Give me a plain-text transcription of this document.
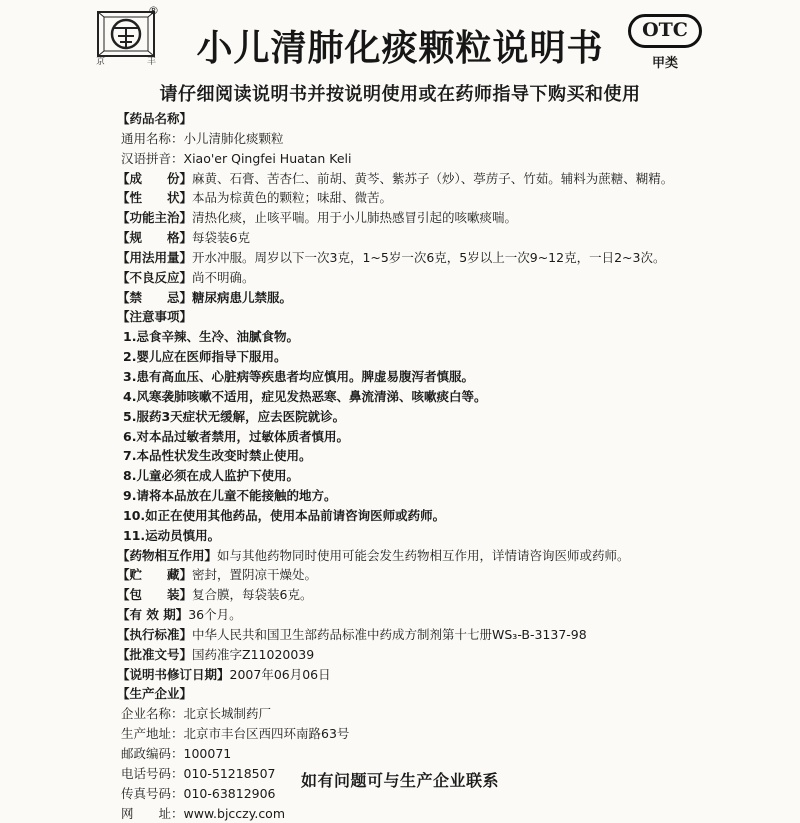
京	丰
®
小儿清肺化痰颗粒说明书	OTC
甲类
请仔细阅读说明书并按说明使用或在药师指导下购买和使用
【药品名称】
通用名称：小儿清肺化痰颗粒
汉语拼音：Xiao'er Qingfei Huatan Keli
【成　　份】麻黄、石膏、苦杏仁、前胡、黄芩、紫苏子（炒）、葶苈子、竹茹。辅料为蔗糖、糊精。
【性　　状】本品为棕黄色的颗粒；味甜、微苦。
【功能主治】清热化痰，止咳平喘。用于小儿肺热感冒引起的咳嗽痰喘。
【规　　格】每袋装6克
【用法用量】开水冲服。周岁以下一次3克，1~5岁一次6克，5岁以上一次9~12克，一日2~3次。
【不良反应】尚不明确。
【禁　　忌】糖尿病患儿禁服。
【注意事项】
1.忌食辛辣、生冷、油腻食物。
2.婴儿应在医师指导下服用。
3.患有高血压、心脏病等疾患者均应慎用。脾虚易腹泻者慎服。
4.风寒袭肺咳嗽不适用，症见发热恶寒、鼻流清涕、咳嗽痰白等。
5.服药3天症状无缓解，应去医院就诊。
6.对本品过敏者禁用，过敏体质者慎用。
7.本品性状发生改变时禁止使用。
8.儿童必须在成人监护下使用。
9.请将本品放在儿童不能接触的地方。
10.如正在使用其他药品，使用本品前请咨询医师或药师。
11.运动员慎用。
【药物相互作用】如与其他药物同时使用可能会发生药物相互作用，详情请咨询医师或药师。
【贮　　藏】密封，置阴凉干燥处。
【包　　装】复合膜，每袋装6克。
【有 效 期】36个月。
【执行标准】中华人民共和国卫生部药品标准中药成方制剂第十七册WS₃-B-3137-98
【批准文号】国药准字Z11020039
【说明书修订日期】2007年06月06日
【生产企业】
企业名称：北京长城制药厂
生产地址：北京市丰台区西四环南路63号
邮政编码：100071
电话号码：010-51218507
传真号码：010-63812906
网　　址：www.bjcczy.com
如有问题可与生产企业联系
